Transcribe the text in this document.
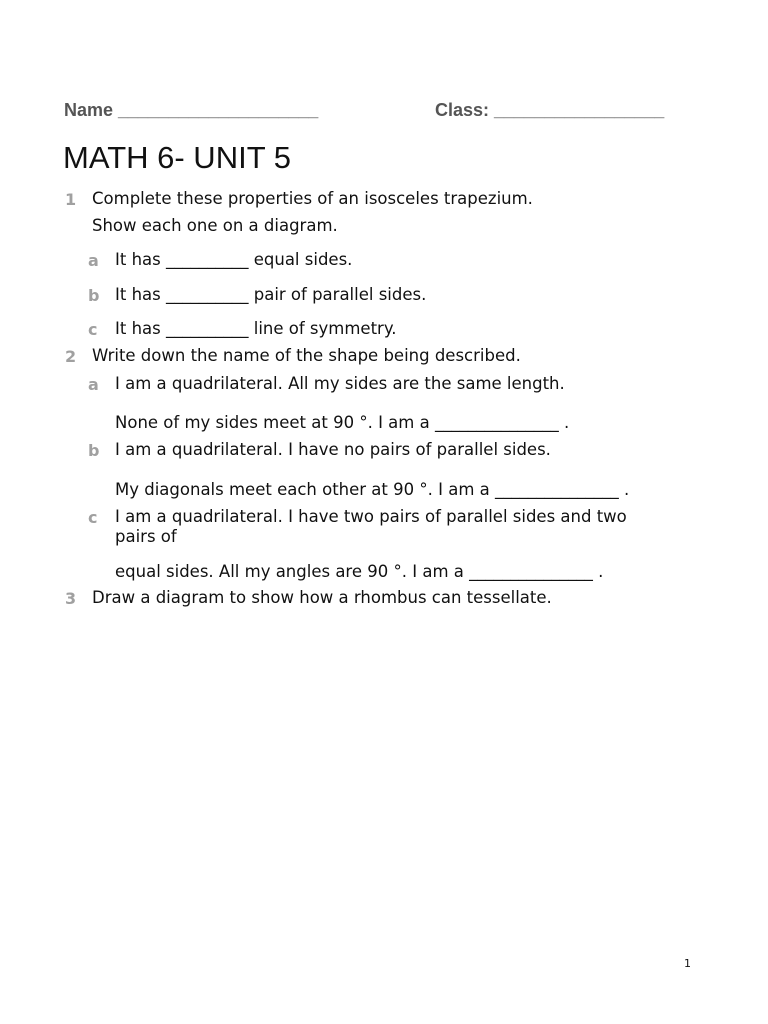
Name ____________________	Class: _________________
MATH 6- UNIT 5
1 Complete these properties of an isosceles trapezium.
Show each one on a diagram.
a It has __________ equal sides.
b It has __________ pair of parallel sides.
c It has __________ line of symmetry.
2 Write down the name of the shape being described.
a I am a quadrilateral. All my sides are the same length.
None of my sides meet at 90 °. I am a _______________ .
b I am a quadrilateral. I have no pairs of parallel sides.
My diagonals meet each other at 90 °. I am a _______________ .
c I am a quadrilateral. I have two pairs of parallel sides and two
pairs of
equal sides. All my angles are 90 °. I am a _______________ .
3 Draw a diagram to show how a rhombus can tessellate.
1
